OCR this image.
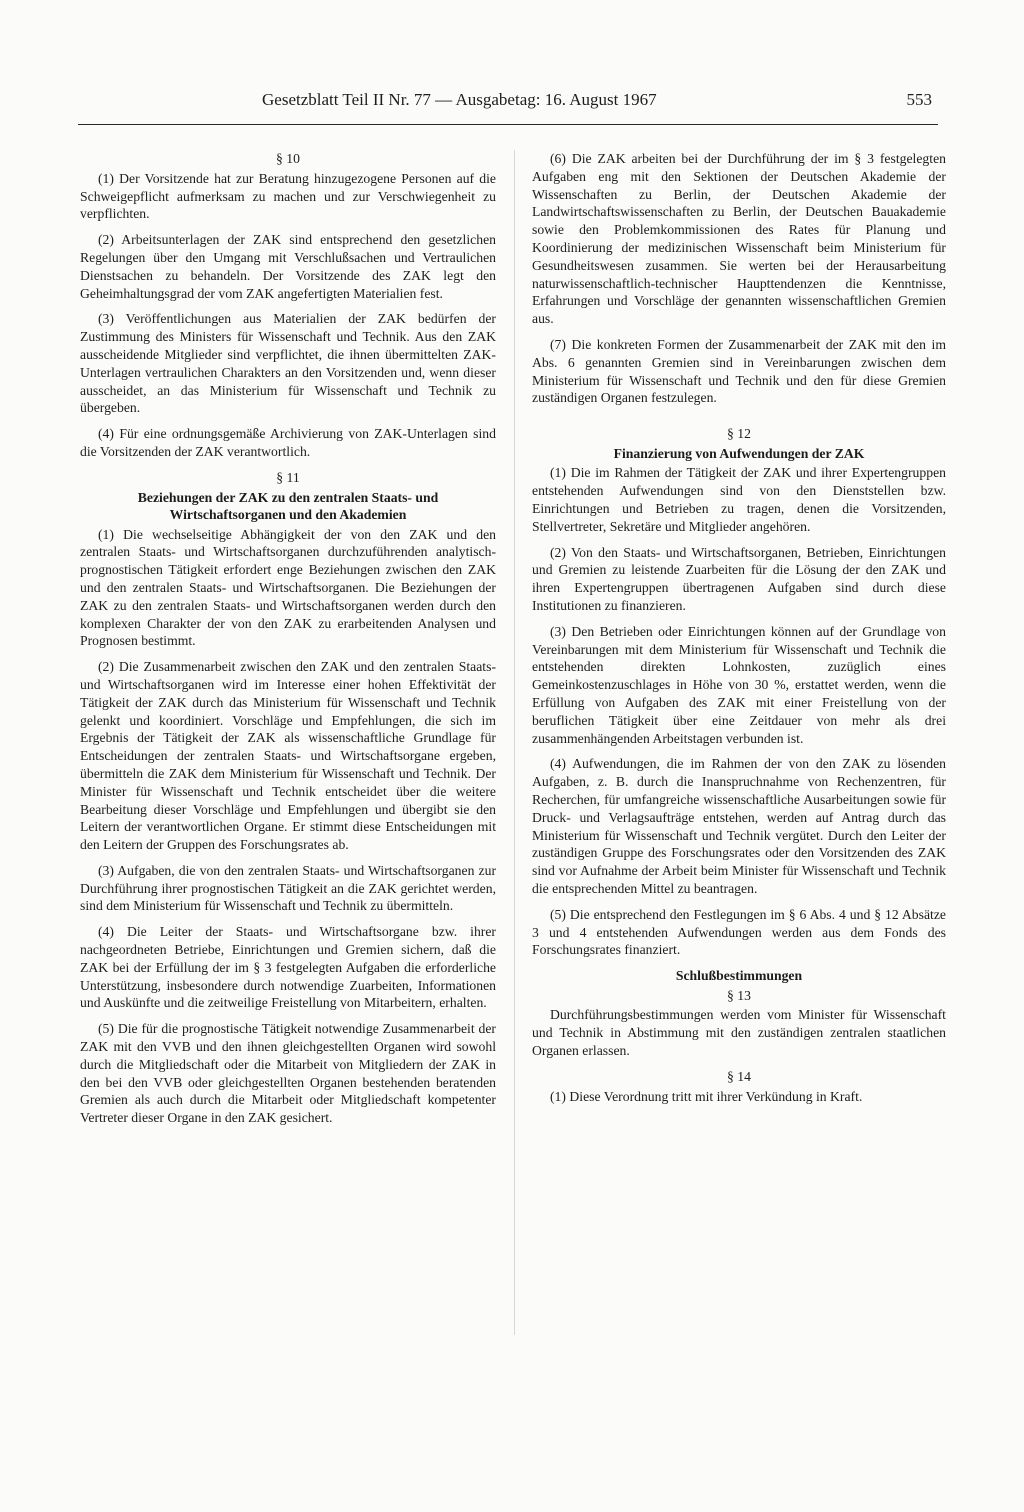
Gesetzblatt Teil II Nr. 77 — Ausgabetag: 16. August 1967	553
§ 10

(1) Der Vorsitzende hat zur Beratung hinzugezogene Personen auf die Schweigepflicht aufmerksam zu machen und zur Verschwiegenheit zu verpflichten.

(2) Arbeitsunterlagen der ZAK sind entsprechend den gesetzlichen Regelungen über den Umgang mit Verschlußsachen und Vertraulichen Dienstsachen zu behandeln. Der Vorsitzende des ZAK legt den Geheimhaltungsgrad der vom ZAK angefertigten Materialien fest.

(3) Veröffentlichungen aus Materialien der ZAK bedürfen der Zustimmung des Ministers für Wissenschaft und Technik. Aus den ZAK ausscheidende Mitglieder sind verpflichtet, die ihnen übermittelten ZAK-Unterlagen vertraulichen Charakters an den Vorsitzenden und, wenn dieser ausscheidet, an das Ministerium für Wissenschaft und Technik zu übergeben.

(4) Für eine ordnungsgemäße Archivierung von ZAK-Unterlagen sind die Vorsitzenden der ZAK verantwortlich.

§ 11
Beziehungen der ZAK zu den zentralen Staats- und Wirtschaftsorganen und den Akademien

(1) Die wechselseitige Abhängigkeit der von den ZAK und den zentralen Staats- und Wirtschaftsorganen durchzuführenden analytisch-prognostischen Tätigkeit erfordert enge Beziehungen zwischen den ZAK und den zentralen Staats- und Wirtschaftsorganen. Die Beziehungen der ZAK zu den zentralen Staats- und Wirtschaftsorganen werden durch den komplexen Charakter der von den ZAK zu erarbeitenden Analysen und Prognosen bestimmt.

(2) Die Zusammenarbeit zwischen den ZAK und den zentralen Staats- und Wirtschaftsorganen wird im Interesse einer hohen Effektivität der Tätigkeit der ZAK durch das Ministerium für Wissenschaft und Technik gelenkt und koordiniert. Vorschläge und Empfehlungen, die sich im Ergebnis der Tätigkeit der ZAK als wissenschaftliche Grundlage für Entscheidungen der zentralen Staats- und Wirtschaftsorgane ergeben, übermitteln die ZAK dem Ministerium für Wissenschaft und Technik. Der Minister für Wissenschaft und Technik entscheidet über die weitere Bearbeitung dieser Vorschläge und Empfehlungen und übergibt sie den Leitern der verantwortlichen Organe. Er stimmt diese Entscheidungen mit den Leitern der Gruppen des Forschungsrates ab.

(3) Aufgaben, die von den zentralen Staats- und Wirtschaftsorganen zur Durchführung ihrer prognostischen Tätigkeit an die ZAK gerichtet werden, sind dem Ministerium für Wissenschaft und Technik zu übermitteln.

(4) Die Leiter der Staats- und Wirtschaftsorgane bzw. ihrer nachgeordneten Betriebe, Einrichtungen und Gremien sichern, daß die ZAK bei der Erfüllung der im § 3 festgelegten Aufgaben die erforderliche Unterstützung, insbesondere durch notwendige Zuarbeiten, Informationen und Auskünfte und die zeitweilige Freistellung von Mitarbeitern, erhalten.

(5) Die für die prognostische Tätigkeit notwendige Zusammenarbeit der ZAK mit den VVB und den ihnen gleichgestellten Organen wird sowohl durch die Mitgliedschaft oder die Mitarbeit von Mitgliedern der ZAK in den bei den VVB oder gleichgestellten Organen bestehenden beratenden Gremien als auch durch die Mitarbeit oder Mitgliedschaft kompetenter Vertreter dieser Organe in den ZAK gesichert.

(6) Die ZAK arbeiten bei der Durchführung der im § 3 festgelegten Aufgaben eng mit den Sektionen der Deutschen Akademie der Wissenschaften zu Berlin, der Deutschen Akademie der Landwirtschaftswissenschaften zu Berlin, der Deutschen Bauakademie sowie den Problemkommissionen des Rates für Planung und Koordinierung der medizinischen Wissenschaft beim Ministerium für Gesundheitswesen zusammen. Sie werten bei der Herausarbeitung naturwissenschaftlich-technischer Haupttendenzen die Kenntnisse, Erfahrungen und Vorschläge der genannten wissenschaftlichen Gremien aus.

(7) Die konkreten Formen der Zusammenarbeit der ZAK mit den im Abs. 6 genannten Gremien sind in Vereinbarungen zwischen dem Ministerium für Wissenschaft und Technik und den für diese Gremien zuständigen Organen festzulegen.

§ 12
Finanzierung von Aufwendungen der ZAK

(1) Die im Rahmen der Tätigkeit der ZAK und ihrer Expertengruppen entstehenden Aufwendungen sind von den Dienststellen bzw. Einrichtungen und Betrieben zu tragen, denen die Vorsitzenden, Stellvertreter, Sekretäre und Mitglieder angehören.

(2) Von den Staats- und Wirtschaftsorganen, Betrieben, Einrichtungen und Gremien zu leistende Zuarbeiten für die Lösung der den ZAK und ihren Expertengruppen übertragenen Aufgaben sind durch diese Institutionen zu finanzieren.

(3) Den Betrieben oder Einrichtungen können auf der Grundlage von Vereinbarungen mit dem Ministerium für Wissenschaft und Technik die entstehenden direkten Lohnkosten, zuzüglich eines Gemeinkostenzuschlages in Höhe von 30 %, erstattet werden, wenn die Erfüllung von Aufgaben des ZAK mit einer Freistellung von der beruflichen Tätigkeit über eine Zeitdauer von mehr als drei zusammenhängenden Arbeitstagen verbunden ist.

(4) Aufwendungen, die im Rahmen der von den ZAK zu lösenden Aufgaben, z. B. durch die Inanspruchnahme von Rechenzentren, für Recherchen, für umfangreiche wissenschaftliche Ausarbeitungen sowie für Druck- und Verlagsaufträge entstehen, werden auf Antrag durch das Ministerium für Wissenschaft und Technik vergütet. Durch den Leiter der zuständigen Gruppe des Forschungsrates oder den Vorsitzenden des ZAK sind vor Aufnahme der Arbeit beim Minister für Wissenschaft und Technik die entsprechenden Mittel zu beantragen.

(5) Die entsprechend den Festlegungen im § 6 Abs. 4 und § 12 Absätze 3 und 4 entstehenden Aufwendungen werden aus dem Fonds des Forschungsrates finanziert.

Schlußbestimmungen
§ 13

Durchführungsbestimmungen werden vom Minister für Wissenschaft und Technik in Abstimmung mit den zuständigen zentralen staatlichen Organen erlassen.

§ 14

(1) Diese Verordnung tritt mit ihrer Verkündung in Kraft.
